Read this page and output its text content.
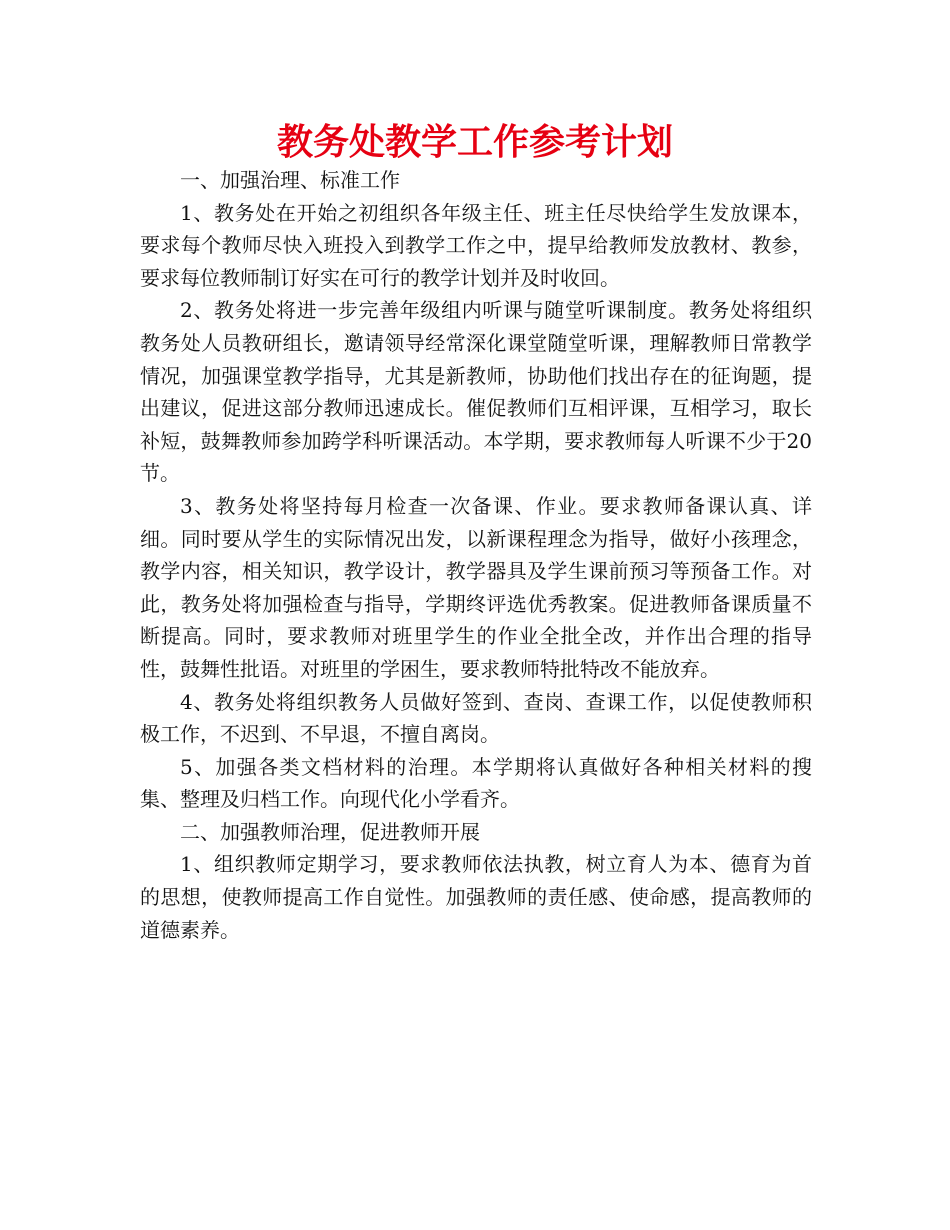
教务处教学工作参考计划

一、加强治理、标准工作

1、教务处在开始之初组织各年级主任、班主任尽快给学生发放课本，要求每个教师尽快入班投入到教学工作之中，提早给教师发放教材、教参，要求每位教师制订好实在可行的教学计划并及时收回。

2、教务处将进一步完善年级组内听课与随堂听课制度。教务处将组织教务处人员教研组长，邀请领导经常深化课堂随堂听课，理解教师日常教学情况，加强课堂教学指导，尤其是新教师，协助他们找出存在的征询题，提出建议，促进这部分教师迅速成长。催促教师们互相评课，互相学习，取长补短，鼓舞教师参加跨学科听课活动。本学期，要求教师每人听课不少于20节。

3、教务处将坚持每月检查一次备课、作业。要求教师备课认真、详细。同时要从学生的实际情况出发，以新课程理念为指导，做好小孩理念，教学内容，相关知识，教学设计，教学器具及学生课前预习等预备工作。对此，教务处将加强检查与指导，学期终评选优秀教案。促进教师备课质量不断提高。同时，要求教师对班里学生的作业全批全改，并作出合理的指导性，鼓舞性批语。对班里的学困生，要求教师特批特改不能放弃。

4、教务处将组织教务人员做好签到、查岗、查课工作，以促使教师积极工作，不迟到、不早退，不擅自离岗。

5、加强各类文档材料的治理。本学期将认真做好各种相关材料的搜集、整理及归档工作。向现代化小学看齐。

二、加强教师治理，促进教师开展

1、组织教师定期学习，要求教师依法执教，树立育人为本、德育为首的思想，使教师提高工作自觉性。加强教师的责任感、使命感，提高教师的道德素养。
